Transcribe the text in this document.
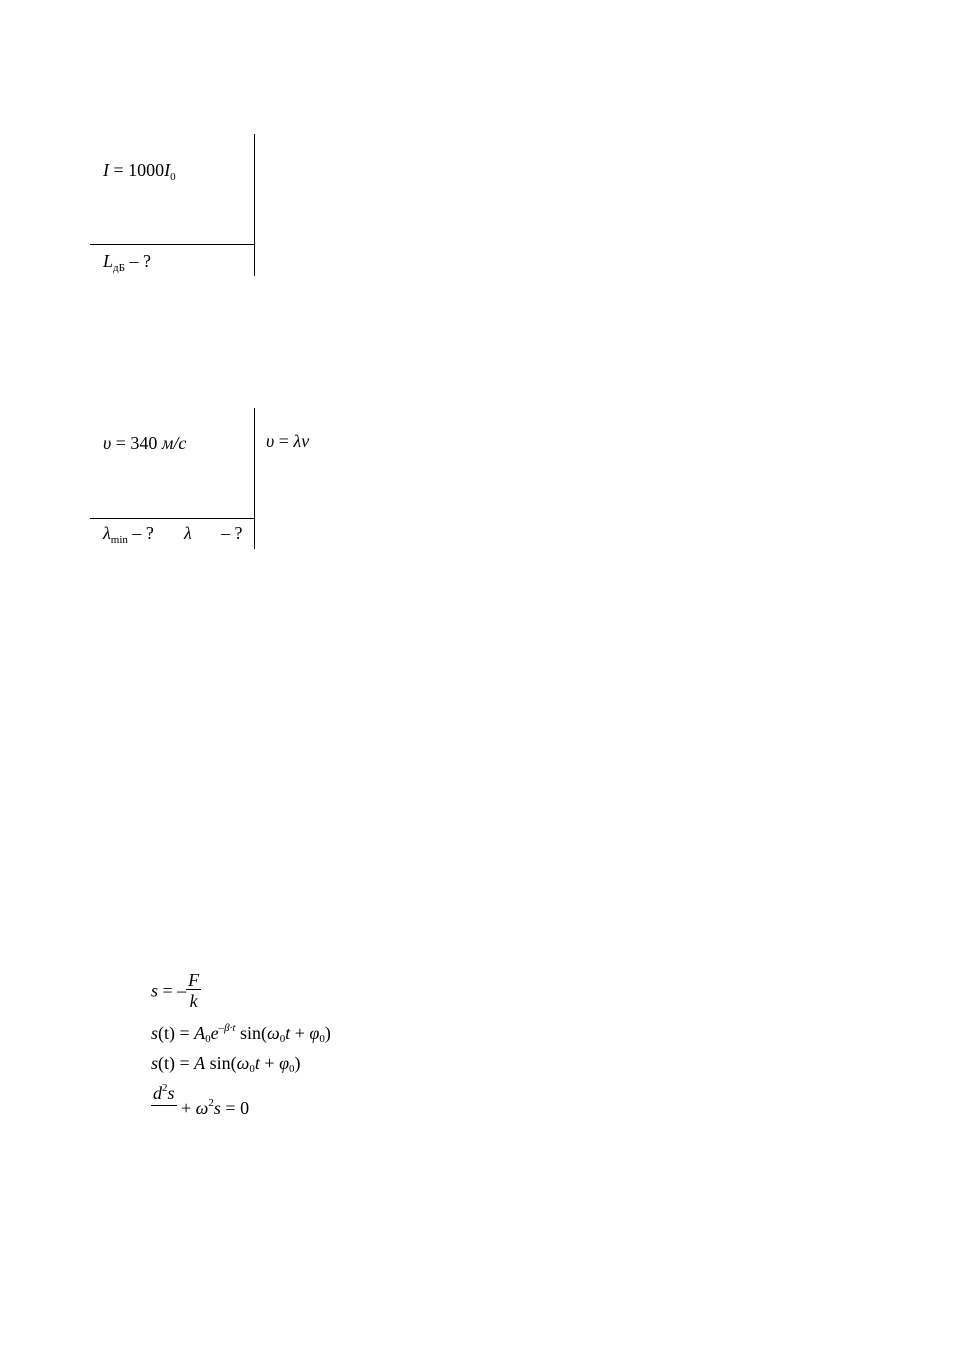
$I = 1000I_0$
$L_{дБ}$ – ?
υ = 340 м/с	υ = λν
$\lambda_{min}$ – ? λ – ?
s = – $\frac{F}{k}$
$s(t) = A0e^{-\beta\cdot t}$ sin(ω0t + φ0)
s(t) = A sin(ω0t + φ0)
$d^2s$
+ $\omega_2s = 0$
